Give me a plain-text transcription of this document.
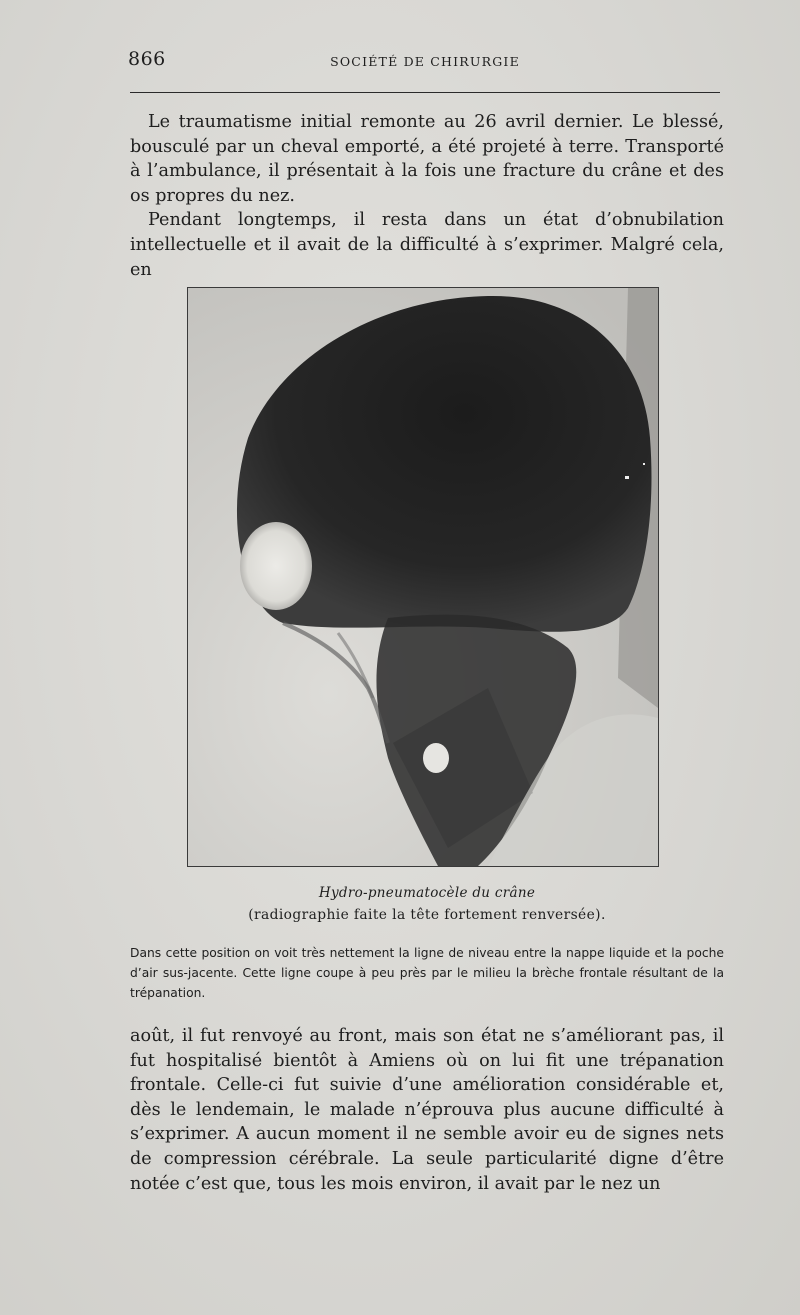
866	SOCIÉTÉ DE CHIRURGIE

Le traumatisme initial remonte au 26 avril dernier. Le blessé, bousculé par un cheval emporté, a été projeté à terre. Transporté à l’ambulance, il présentait à la fois une fracture du crâne et des os propres du nez.

Pendant longtemps, il resta dans un état d’obnubilation intellectuelle et il avait de la difficulté à s’exprimer. Malgré cela, en

Hydro-pneumatocèle du crâne
(radiographie faite la tête fortement renversée).

Dans cette position on voit très nettement la ligne de niveau entre la nappe liquide et la poche d’air sus-jacente. Cette ligne coupe à peu près par le milieu la brèche frontale résultant de la trépanation.

août, il fut renvoyé au front, mais son état ne s’améliorant pas, il fut hospitalisé bientôt à Amiens où on lui fit une trépanation frontale. Celle-ci fut suivie d’une amélioration considérable et, dès le lendemain, le malade n’éprouva plus aucune difficulté à s’exprimer. A aucun moment il ne semble avoir eu de signes nets de compression cérébrale. La seule particularité digne d’être notée c’est que, tous les mois environ, il avait par le nez un
